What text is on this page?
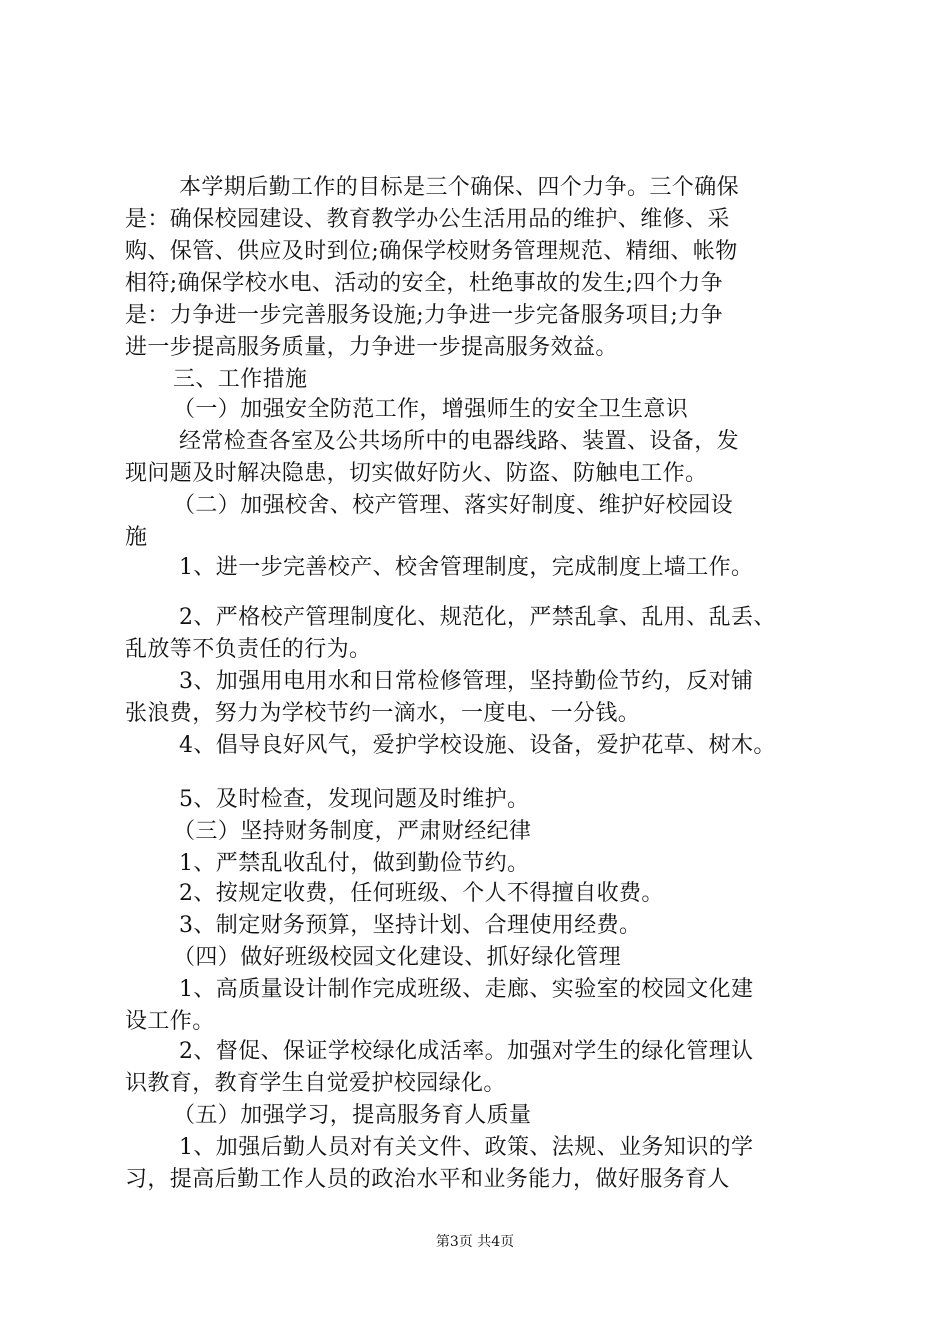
本学期后勤工作的目标是三个确保、四个力争。三个确保
是：确保校园建设、教育教学办公生活用品的维护、维修、采
购、保管、供应及时到位;确保学校财务管理规范、精细、帐物
相符;确保学校水电、活动的安全，杜绝事故的发生;四个力争
是：力争进一步完善服务设施;力争进一步完备服务项目;力争
进一步提高服务质量，力争进一步提高服务效益。
三、工作措施
（一）加强安全防范工作，增强师生的安全卫生意识
经常检查各室及公共场所中的电器线路、装置、设备，发
现问题及时解决隐患，切实做好防火、防盗、防触电工作。
（二）加强校舍、校产管理、落实好制度、维护好校园设
施
1、进一步完善校产、校舍管理制度，完成制度上墙工作。
2、严格校产管理制度化、规范化，严禁乱拿、乱用、乱丢、
乱放等不负责任的行为。
3、加强用电用水和日常检修管理，坚持勤俭节约，反对铺
张浪费，努力为学校节约一滴水，一度电、一分钱。
4、倡导良好风气，爱护学校设施、设备，爱护花草、树木。
5、及时检查，发现问题及时维护。
（三）坚持财务制度，严肃财经纪律
1、严禁乱收乱付，做到勤俭节约。
2、按规定收费，任何班级、个人不得擅自收费。
3、制定财务预算，坚持计划、合理使用经费。
（四）做好班级校园文化建设、抓好绿化管理
1、高质量设计制作完成班级、走廊、实验室的校园文化建
设工作。
2、督促、保证学校绿化成活率。加强对学生的绿化管理认
识教育，教育学生自觉爱护校园绿化。
（五）加强学习，提高服务育人质量
1、加强后勤人员对有关文件、政策、法规、业务知识的学
习，提高后勤工作人员的政治水平和业务能力，做好服务育人
第3页 共4页
